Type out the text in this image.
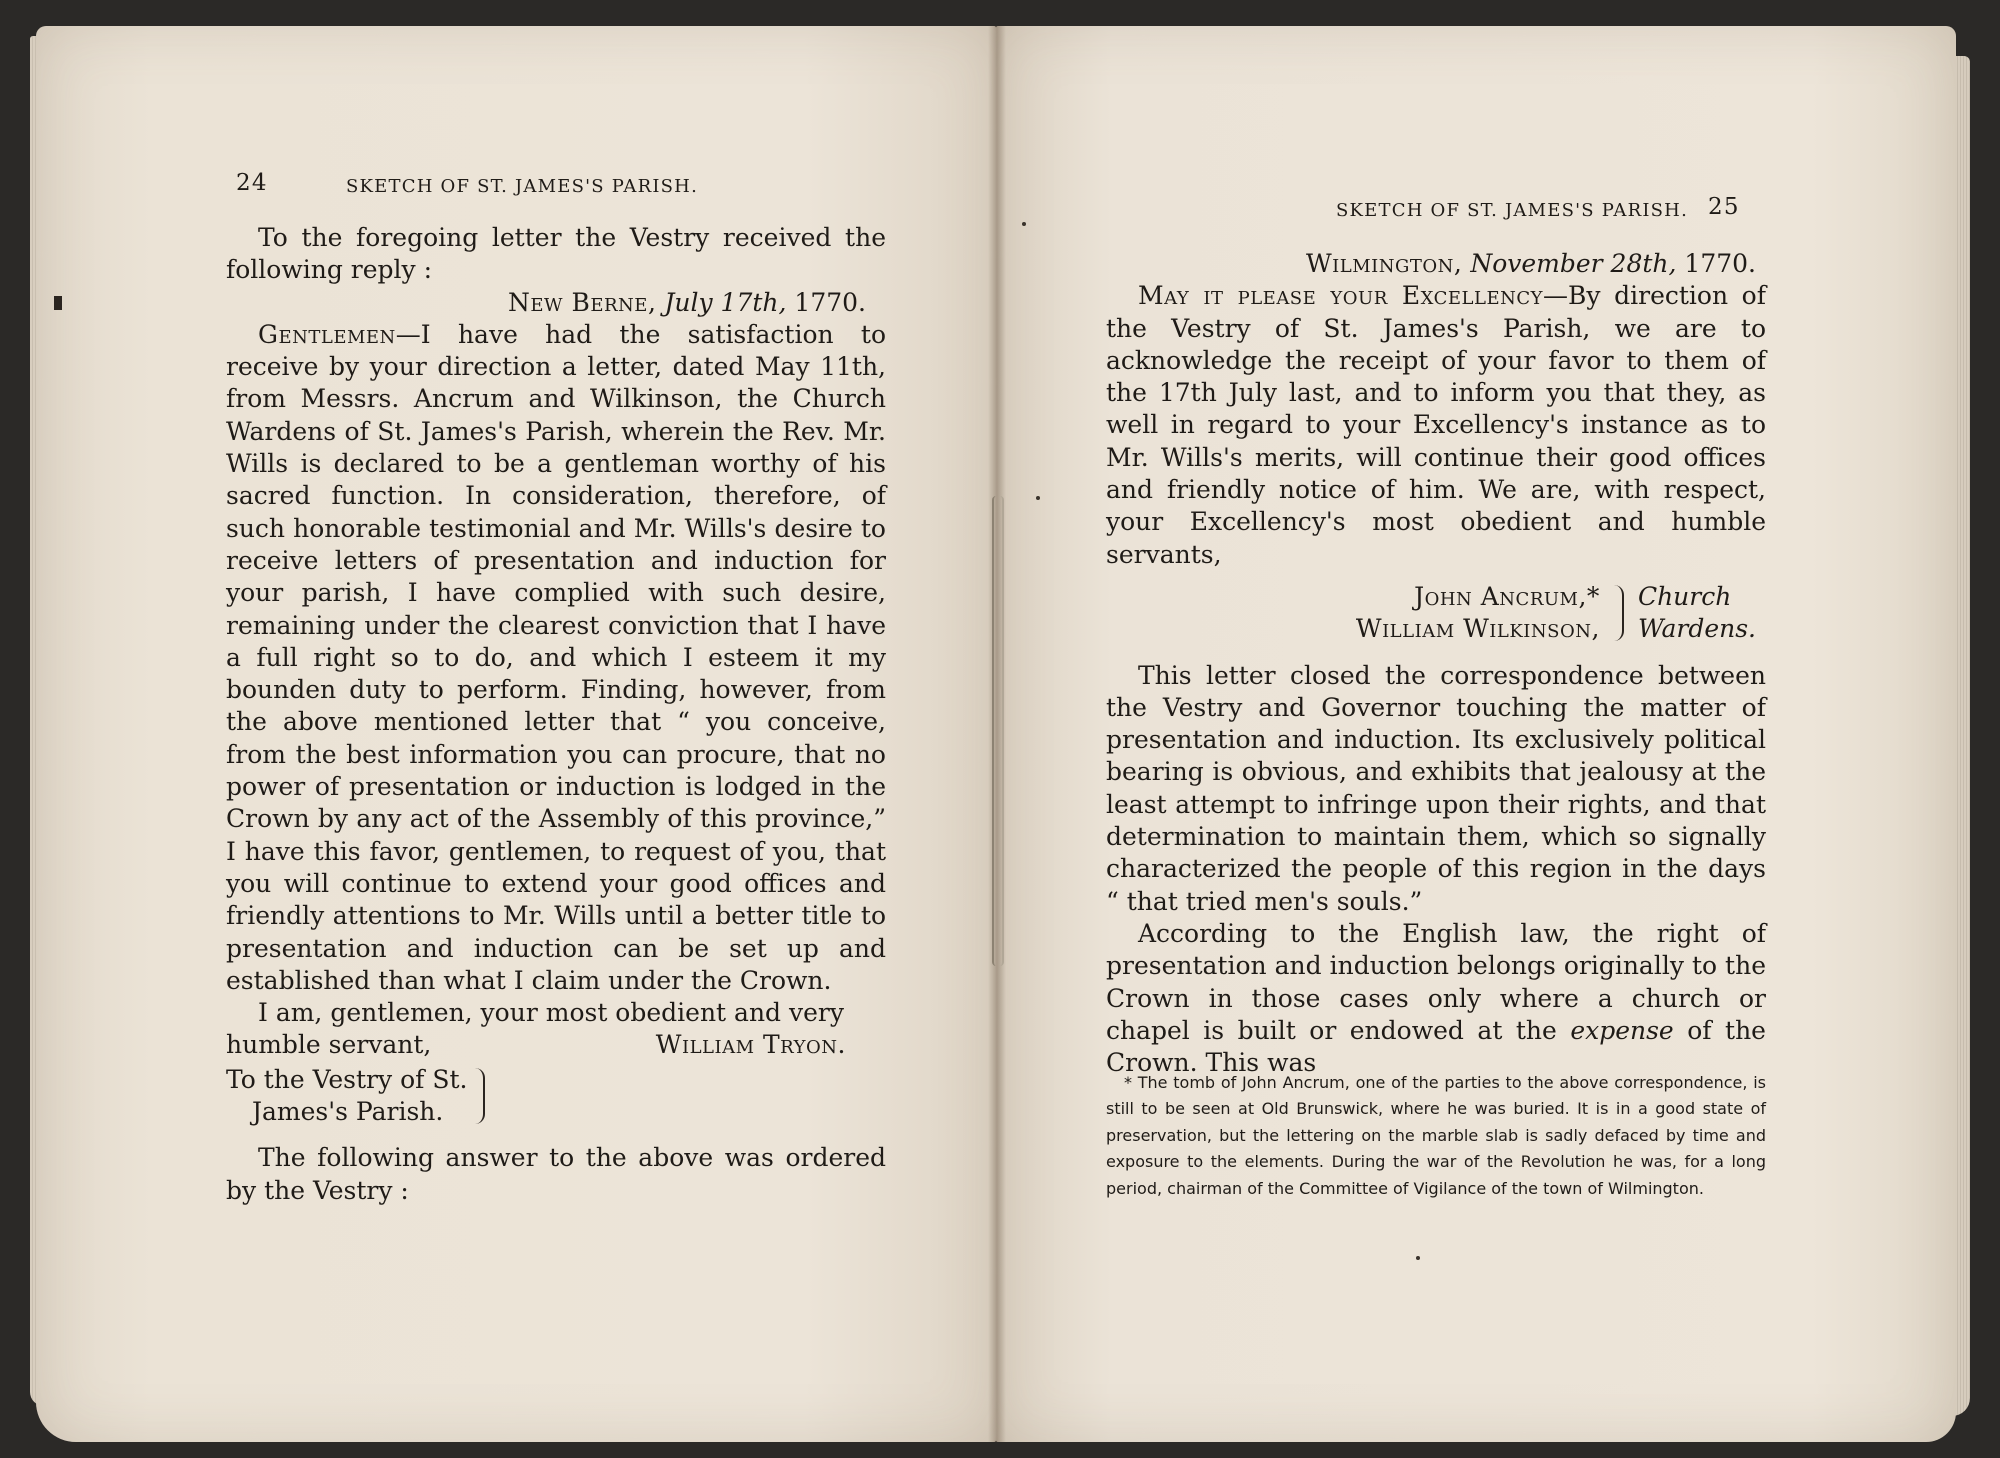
24	SKETCH OF ST. JAMES'S PARISH.

To the foregoing letter the Vestry received the following reply :

New Berne, July 17th, 1770.

Gentlemen—I have had the satisfaction to receive by your direction a letter, dated May 11th, from Messrs. Ancrum and Wilkinson, the Church Wardens of St. James's Parish, wherein the Rev. Mr. Wills is declared to be a gentleman worthy of his sacred function. In consideration, therefore, of such honorable testimonial and Mr. Wills's desire to receive letters of presentation and induction for your parish, I have complied with such desire, remaining under the clearest conviction that I have a full right so to do, and which I esteem it my bounden duty to perform. Finding, however, from the above mentioned letter that “ you conceive, from the best information you can procure, that no power of presentation or induction is lodged in the Crown by any act of the Assembly of this province,” I have this favor, gentlemen, to request of you, that you will continue to extend your good offices and friendly attentions to Mr. Wills until a better title to presentation and induction can be set up and established than what I claim under the Crown.

I am, gentlemen, your most obedient and very
humble servant,	William Tryon.
To the Vestry of St.
James's Parish.

The following answer to the above was ordered by the Vestry :

SKETCH OF ST. JAMES'S PARISH. 25

Wilmington, November 28th, 1770.

May it please your Excellency—By direction of the Vestry of St. James's Parish, we are to acknowledge the receipt of your favor to them of the 17th July last, and to inform you that they, as well in regard to your Excellency's instance as to Mr. Wills's merits, will continue their good offices and friendly notice of him. We are, with respect, your Excellency's most obedient and humble servants,

John Ancrum,*
William Wilkinson,
Church
Wardens.

This letter closed the correspondence between the Vestry and Governor touching the matter of presentation and induction. Its exclusively political bearing is obvious, and exhibits that jealousy at the least attempt to infringe upon their rights, and that determination to maintain them, which so signally characterized the people of this region in the days “ that tried men's souls.”

According to the English law, the right of presentation and induction belongs originally to the Crown in those cases only where a church or chapel is built or endowed at the expense of the Crown. This was

* The tomb of John Ancrum, one of the parties to the above correspondence, is still to be seen at Old Brunswick, where he was buried. It is in a good state of preservation, but the lettering on the marble slab is sadly defaced by time and exposure to the elements. During the war of the Revolution he was, for a long period, chairman of the Committee of Vigilance of the town of Wilmington.
